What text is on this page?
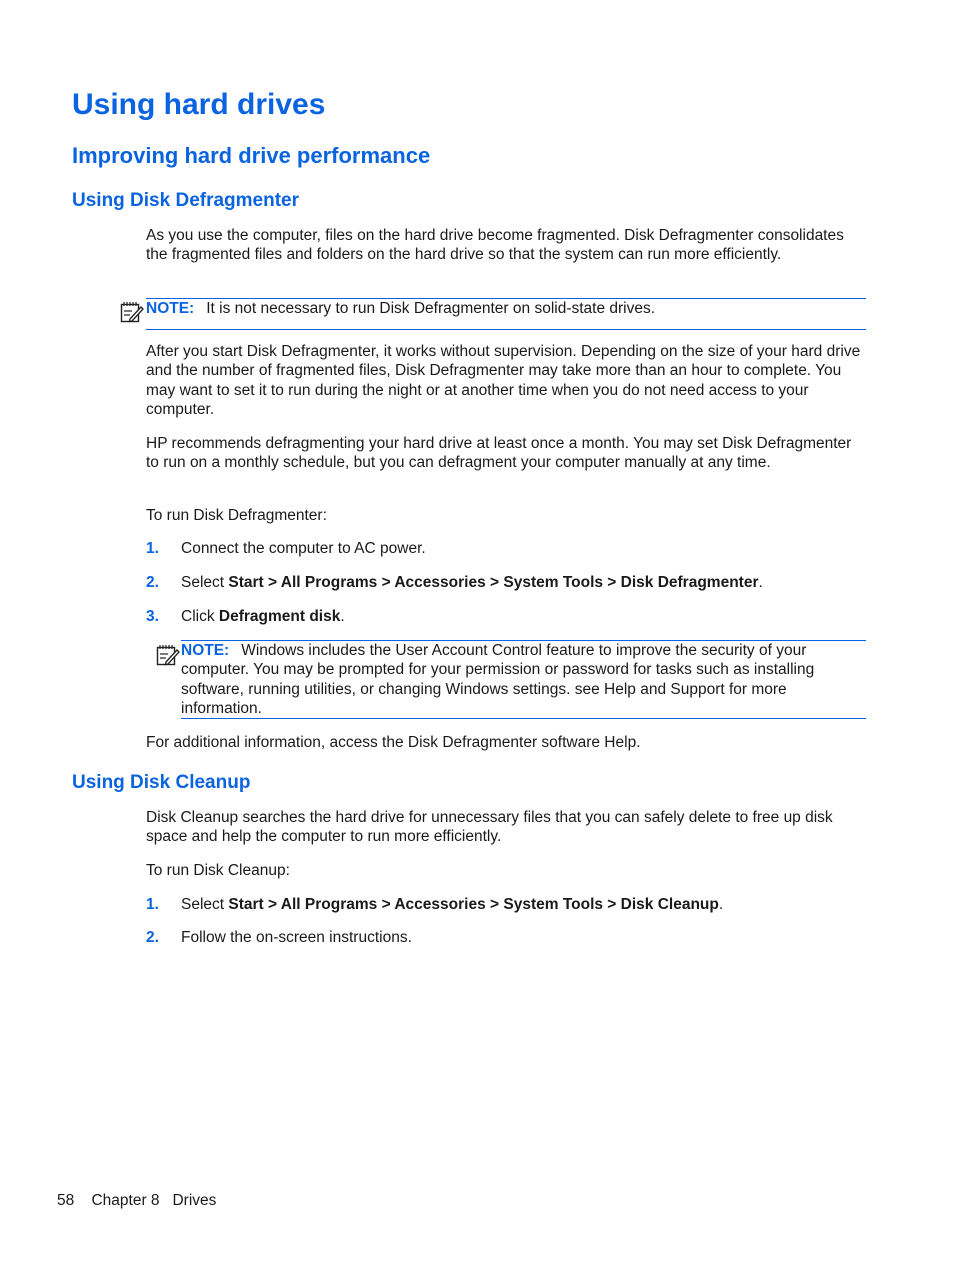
Using hard drives
Improving hard drive performance
Using Disk Defragmenter

As you use the computer, files on the hard drive become fragmented. Disk Defragmenter consolidates the fragmented files and folders on the hard drive so that the system can run more efficiently.

NOTE: It is not necessary to run Disk Defragmenter on solid-state drives.

After you start Disk Defragmenter, it works without supervision. Depending on the size of your hard drive and the number of fragmented files, Disk Defragmenter may take more than an hour to complete. You may want to set it to run during the night or at another time when you do not need access to your computer.

HP recommends defragmenting your hard drive at least once a month. You may set Disk Defragmenter to run on a monthly schedule, but you can defragment your computer manually at any time.

To run Disk Defragmenter:

1. Connect the computer to AC power.
2. Select Start > All Programs > Accessories > System Tools > Disk Defragmenter.
3. Click Defragment disk.

NOTE: Windows includes the User Account Control feature to improve the security of your computer. You may be prompted for your permission or password for tasks such as installing software, running utilities, or changing Windows settings. see Help and Support for more information.

For additional information, access the Disk Defragmenter software Help.

Using Disk Cleanup

Disk Cleanup searches the hard drive for unnecessary files that you can safely delete to free up disk space and help the computer to run more efficiently.

To run Disk Cleanup:

1. Select Start > All Programs > Accessories > System Tools > Disk Cleanup.
2. Follow the on-screen instructions.
58 Chapter 8 Drives
